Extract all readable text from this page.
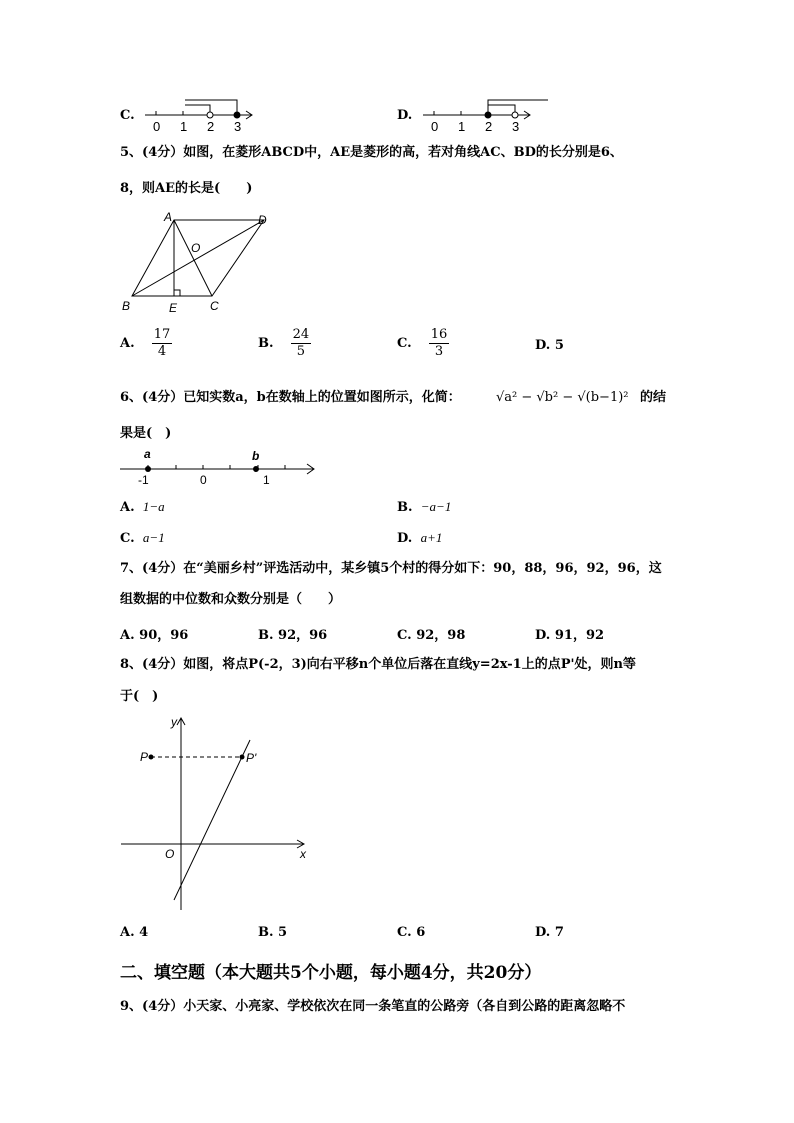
C.
0 1 2 3
D.
0 1 2 3
5、(4分）如图，在菱形ABCD中，AE是菱形的高，若对角线AC、BD的长分别是6、
8，则AE的长是(　　)
A	D
O
B	E	C
A. $\frac{17}{4}$	B. $\frac{24}{5}$	C. $\frac{16}{3}$	D. 5
6、(4分）已知实数a，b在数轴上的位置如图所示，化简：	√a² − √b² − √(b−1)² 的结
果是(　)
a	b
-1	0	1
A. 1−a	B. −a−1
C. a−1	D. a+1
7、(4分）在“美丽乡村”评选活动中，某乡镇5个村的得分如下：90，88，96，92，96，这
组数据的中位数和众数分别是（　　）
A. 90，96	B. 92，96	C. 92，98	D. 91，92
8、(4分）如图，将点P(-2，3)向右平移n个单位后落在直线y=2x-1上的点P'处，则n等
于(　)
y
x
O
P	P'
A. 4	B. 5	C. 6	D. 7
二、填空题（本大题共5个小题，每小题4分，共20分）
9、(4分）小天家、小亮家、学校依次在同一条笔直的公路旁（各自到公路的距离忽略不
